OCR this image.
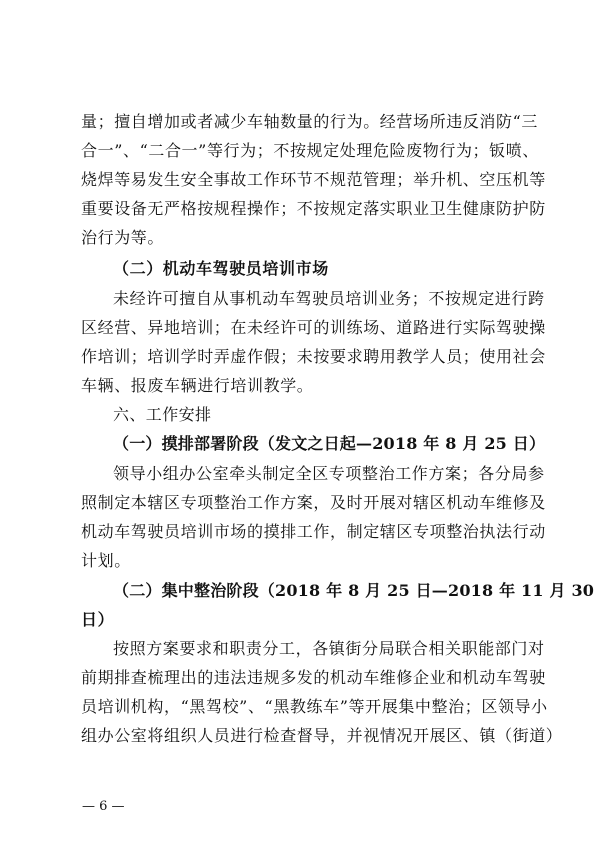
量；擅自增加或者减少车轴数量的行为。经营场所违反消防“三
合一”、“二合一”等行为；不按规定处理危险废物行为；钣喷、
烧焊等易发生安全事故工作环节不规范管理；举升机、空压机等
重要设备无严格按规程操作；不按规定落实职业卫生健康防护防
治行为等。
（二）机动车驾驶员培训市场
未经许可擅自从事机动车驾驶员培训业务；不按规定进行跨
区经营、异地培训；在未经许可的训练场、道路进行实际驾驶操
作培训；培训学时弄虚作假；未按要求聘用教学人员；使用社会
车辆、报废车辆进行培训教学。
六、工作安排
（一）摸排部署阶段（发文之日起—2018 年 8 月 25 日）
领导小组办公室牵头制定全区专项整治工作方案；各分局参
照制定本辖区专项整治工作方案，及时开展对辖区机动车维修及
机动车驾驶员培训市场的摸排工作，制定辖区专项整治执法行动
计划。
（二）集中整治阶段（2018 年 8 月 25 日—2018 年 11 月 30
日）
按照方案要求和职责分工，各镇街分局联合相关职能部门对
前期排查梳理出的违法违规多发的机动车维修企业和机动车驾驶
员培训机构，“黑驾校”、“黑教练车”等开展集中整治；区领导小
组办公室将组织人员进行检查督导，并视情况开展区、镇（街道）
— 6 —
